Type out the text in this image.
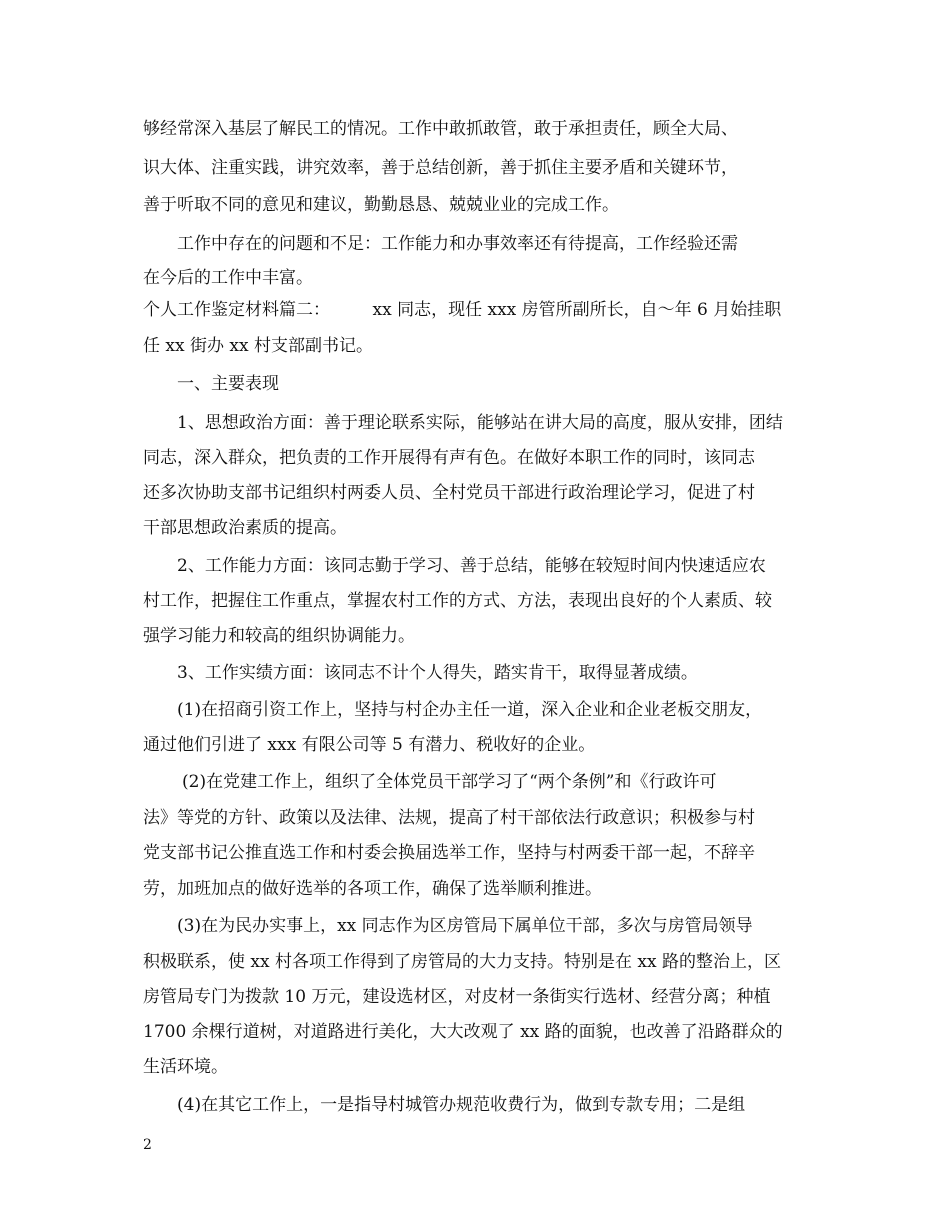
够经常深入基层了解民工的情况。工作中敢抓敢管，敢于承担责任，顾全大局、
识大体、注重实践，讲究效率，善于总结创新，善于抓住主要矛盾和关键环节，
善于听取不同的意见和建议，勤勤恳恳、兢兢业业的完成工作。
工作中存在的问题和不足：工作能力和办事效率还有待提高，工作经验还需
在今后的工作中丰富。
个人工作鉴定材料篇二：　　　xx 同志，现任 xxx 房管所副所长，自～年 6 月始挂职
任 xx 街办 xx 村支部副书记。
一、主要表现
1、思想政治方面：善于理论联系实际，能够站在讲大局的高度，服从安排，团结
同志，深入群众，把负责的工作开展得有声有色。在做好本职工作的同时，该同志
还多次协助支部书记组织村两委人员、全村党员干部进行政治理论学习，促进了村
干部思想政治素质的提高。
2、工作能力方面：该同志勤于学习、善于总结，能够在较短时间内快速适应农
村工作，把握住工作重点，掌握农村工作的方式、方法，表现出良好的个人素质、较
强学习能力和较高的组织协调能力。
3、工作实绩方面：该同志不计个人得失，踏实肯干，取得显著成绩。
(1)在招商引资工作上，坚持与村企办主任一道，深入企业和企业老板交朋友，
通过他们引进了 xxx 有限公司等 5 有潜力、税收好的企业。
(2)在党建工作上，组织了全体党员干部学习了“两个条例”和《行政许可
法》等党的方针、政策以及法律、法规，提高了村干部依法行政意识；积极参与村
党支部书记公推直选工作和村委会换届选举工作，坚持与村两委干部一起，不辞辛
劳，加班加点的做好选举的各项工作，确保了选举顺利推进。
(3)在为民办实事上，xx 同志作为区房管局下属单位干部，多次与房管局领导
积极联系，使 xx 村各项工作得到了房管局的大力支持。特别是在 xx 路的整治上，区
房管局专门为拨款 10 万元，建设选材区，对皮材一条街实行选材、经营分离；种植
1700 余棵行道树，对道路进行美化，大大改观了 xx 路的面貌，也改善了沿路群众的
生活环境。
(4)在其它工作上，一是指导村城管办规范收费行为，做到专款专用；二是组
2
